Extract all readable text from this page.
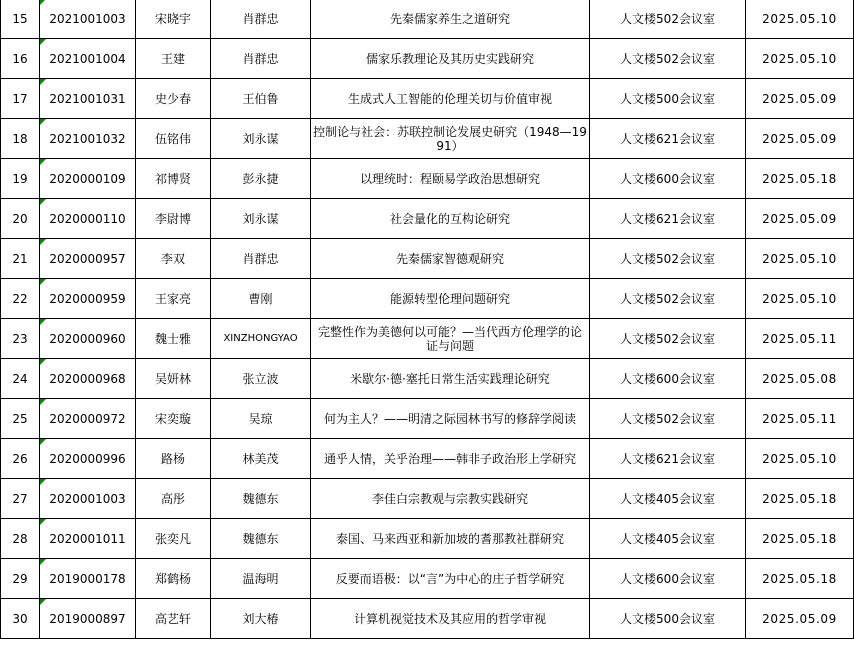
15	2021001003	宋晓宇	肖群忠	先秦儒家养生之道研究	人文楼502会议室	2025.05.10
16	2021001004	王建	肖群忠	儒家乐教理论及其历史实践研究	人文楼502会议室	2025.05.10
17	2021001031	史少春	王伯鲁	生成式人工智能的伦理关切与价值审视	人文楼500会议室	2025.05.09
18	2021001032	伍铭伟	刘永谋	控制论与社会：苏联控制论发展史研究（1948—1991）	人文楼621会议室	2025.05.09
19	2020000109	祁博贤	彭永捷	以理统时：程颐易学政治思想研究	人文楼600会议室	2025.05.18
20	2020000110	李尉博	刘永谋	社会量化的互构论研究	人文楼621会议室	2025.05.09
21	2020000957	李双	肖群忠	先秦儒家智德观研究	人文楼502会议室	2025.05.10
22	2020000959	王家亮	曹刚	能源转型伦理问题研究	人文楼502会议室	2025.05.10
23	2020000960	魏士雅	XINZHONGYAO	完整性作为美德何以可能？—当代西方伦理学的论证与问题	人文楼502会议室	2025.05.11
24	2020000968	吴妍林	张立波	米歇尔·德·塞托日常生活实践理论研究	人文楼600会议室	2025.05.08
25	2020000972	宋奕璇	吴琼	何为主人？——明清之际园林书写的修辞学阅读	人文楼502会议室	2025.05.11
26	2020000996	路杨	林美茂	通乎人情，关乎治理——韩非子政治形上学研究	人文楼621会议室	2025.05.10
27	2020001003	高彤	魏德东	李佳白宗教观与宗教实践研究	人文楼405会议室	2025.05.18
28	2020001011	张奕凡	魏德东	泰国、马来西亚和新加坡的耆那教社群研究	人文楼405会议室	2025.05.18
29	2019000178	郑鹤杨	温海明	反要而语极：以“言”为中心的庄子哲学研究	人文楼600会议室	2025.05.18
30	2019000897	高艺轩	刘大椿	计算机视觉技术及其应用的哲学审视	人文楼500会议室	2025.05.09
